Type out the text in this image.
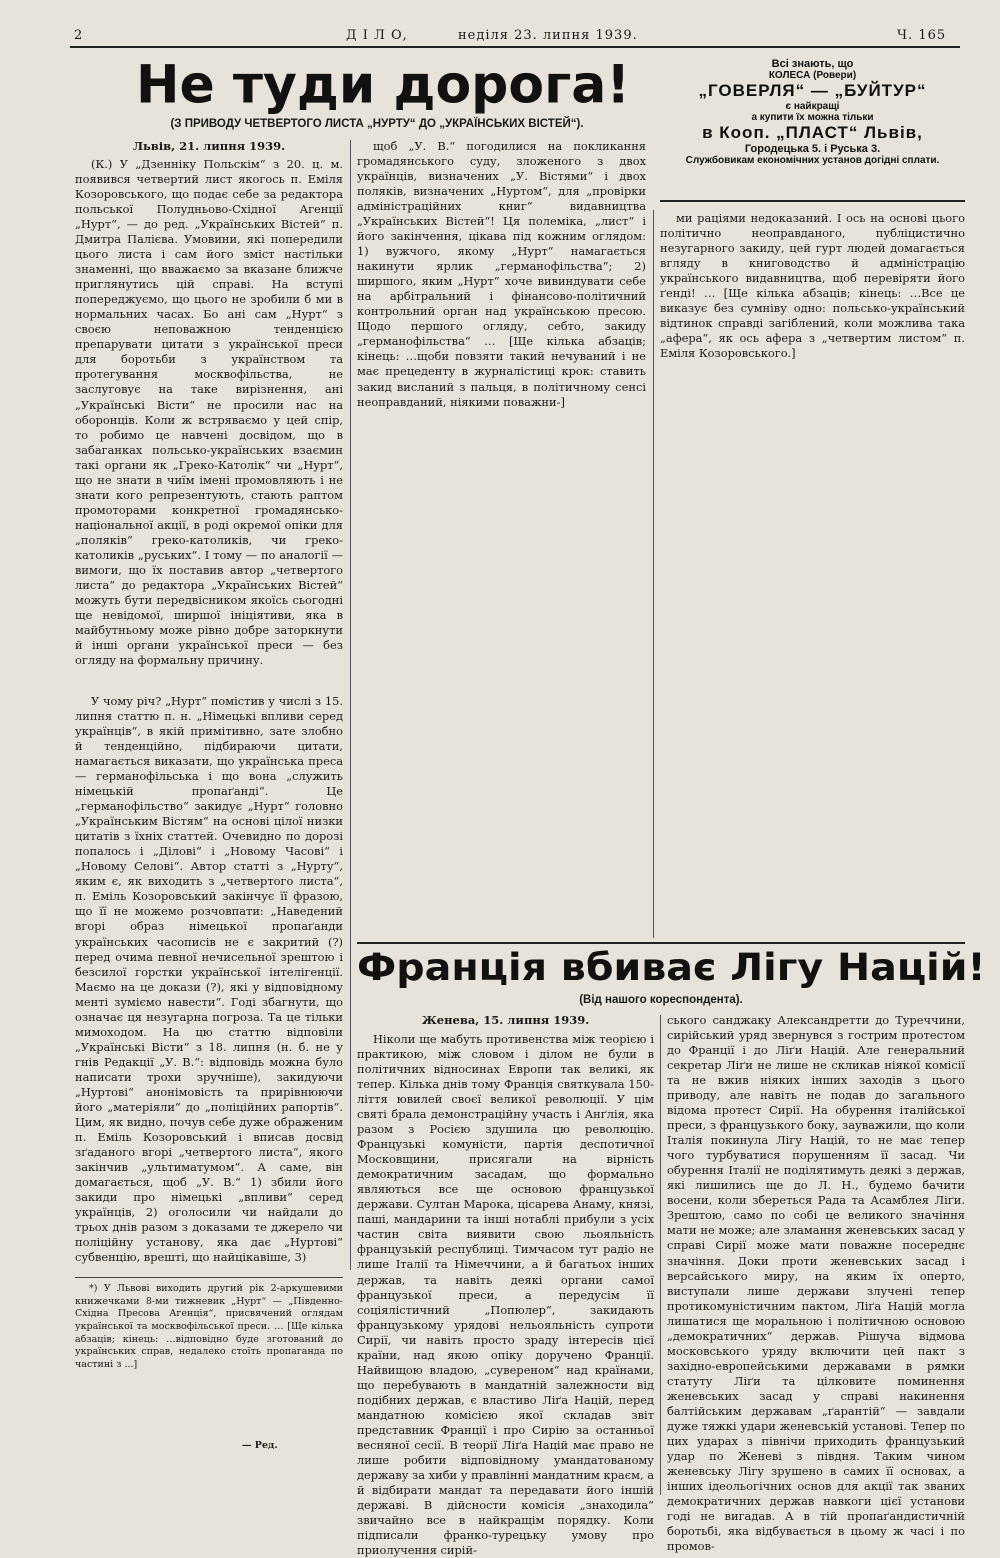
2	Д І Л О,	неділя 23. липня 1939.	Ч. 165
Не туди дорога!
(З ПРИВОДУ ЧЕТВЕРТОГО ЛИСТА „НУРТУ“ ДО „УКРАЇНСЬКИХ ВІСТЕЙ“).
Всі знають, що
КОЛЕСА (Ровери)
„ГОВЕРЛЯ“ — „БУЙТУР“
є найкращі
а купити їх можна тільки
в Кооп. „ПЛАСТ“ Львів,
Городецька 5. і Руська 3.
Службовикам економічних установ догідні сплати.
Львів, 21. липня 1939.

(К.) У „Дзенніку Польскім“ з 20. ц. м. появився четвертий лист якогось п. Еміля Козоровського, що подає себе за редактора польської Полудньово-Східної Агенції „Нурт“, — до ред. „Українських Вістей“ п. Дмитра Палієва. Умовини, які попередили цього листа і сам його зміст настільки знаменні, що вважаємо за вказане ближче приглянутись цій справі. На вступі попереджуємо, що цього не зробили б ми в нормальних часах. Бо ані сам „Нурт“ з своєю неповажною тенденцією препарувати цитати з української преси для боротьби з українством та протегування москвофільства, не заслуговує на таке вирізнення, ані „Українські Вісти“ не просили нас на оборонців. Коли ж встряваємо у цей спір, то робимо це навчені досвідом, що в забаганках польсько-українських взаємин такі органи як „Греко-Католік“ чи „Нурт“, що не знати в чиїм імені промовляють і не знати кого репрезентують, стають раптом промоторами конкретної громадянсько-національної акції, в рoді окремої опіки для „поляків“ греко-католиків, чи греко-католиків „руських“. І тому — по аналогії — вимоги, що їх поставив автор „четвертого листа“ до редактора „Українських Вістей“ можуть бути передвісником якоїсь сьогодні ще невідомої, ширшої ініціятиви, яка в майбутньому може рівно добре заторкнути й інші органи української преси — без огляду на формальну причину.

У чому річ? „Нурт“ помістив у числі з 15. липня статтю п. н. „Німецькі впливи серед українців“, в якій примітивно, зате злобно й тенденційно, підбираючи цитати, намагається виказати, що українська преса — германофільська і що вона „служить німецькій пропаґанді“. Це „германофільство“ закидує „Нурт“ головно „Українським Вістям“ на основі цілої низки цитатів з їхніх статтей. Очевидно по дорозі попалось і „Ділові“ і „Новому Часові“ і „Новому Селові“. Автор статті з „Нурту“, яким є, як виходить з „четвертого листа“, п. Еміль Козоровський закінчує її фразою, що її не можемо розчовпати: „Наведений вгорі образ німецької пропаґанди українських часописів не є закритий (?) перед очима певної нечисельної зрештою і безсилої горстки української інтелігенції. Маємо на це докази (?), які у відповідному менті зуміємо навести“. Годі збагнути, що означає ця незугарна погроза. Та це тільки мимоходом. На цю статтю відповіли „Українські Вісти“ з 18. липня (н. б. не у гнів Редакції „У. В.“: відповідь можна було написати трохи зручніше), закидуючи „Нуртові“ анонімовість та прирівнюючи його „матеріяли“ до „поліційних рапортів“. Цим, як видно, почув себе дуже ображеним п. Еміль Козоровський і вписав досвід зґаданого вгорі „четвертого листа“, якого закінчив „ультиматумом“. А саме, він домагається, щоб „У. В.“ 1) збили його закиди про німецькі „впливи“ серед українців, 2) оголосили чи найдали до трьох днів разом з доказами те джерело чи поліційну установу, яка дає „Нуртові“ субвенцію, врешті, що найцікавіше, 3)

щоб „У. В.“ погодилися на покликання громадянського суду, зложеного з двох українців, визначених „У. Вістями“ і двох поляків, визначених „Нуртом“, для „провірки адміністраційних книг“ видавництва „Українських Вістей“! Ця полеміка, „лист“ і його закінчення, цікава під кожним оглядом: 1) вужчого, якому „Нурт“ намагається накинути ярлик „германофільства“; 2) ширшого, яким „Нурт“ хоче вивиндувати себе на арбітральний і фінансово-політичний контрольний орган над українською пресою. Щодо першого огляду, себто, закиду „германофільства“ … [Ще кілька абзаців; кінець: …щоби повзяти такий нечуваний і не має прецеденту в журналістиці крок: ставить закид висланий з пальця, в політичному сенсі неоправданий, ніякими поважни-]

ми раціями недоказаний. І ось на основі цього політично неоправданого, публіцистично незугарного закиду, цей гурт людей домагається вгляду в книговодство й адміністрацію українського видавництва, щоб перевіряти його ґенді! … [Ще кілька абзаців; кінець: …Все це виказує без сумніву одно: польсько-український відтинок справді загіблений, коли можлива така „афера“, як ось афера з „четвертим листом“ п. Еміля Козоровського.]

*) У Львові виходить другий рік 2-аркушевими книжечками 8-ми тижневик „Нурт“ — „Південно-Східна Пресова Агенція“, присвячений оглядам української та москвофільської преси. … [Ще кілька абзаців; кінець: …відповідно буде зготований до українських справ, недалеко стоїть пропаганда по частині з ...]

— Ред.
Франція вбиває Лігу Націй!
(Від нашого кореспондента).
Женева, 15. липня 1939.

Ніколи ще мабуть противенства між теорією і практикою, між словом і ділом не були в політичних відносинах Европи так великі, як тепер. Кілька днів тому Франція святкувала 150-ліття ювилей своєї великої революції. У цім святі брала демонстраційну участь і Анґлія, яка разом з Росією здушила цю революцію. Французькі комуністи, партія деспотичної Московщини, присягали на вірність демократичним засадам, що формально являються все ще основою французької держави. Султан Марока, цісарева Анаму, князі, паші, мандарини та інші нотаблі прибули з усіх частин світа виявити свою льояльність французькій республиці. Тимчасом тут радіо не лише Італії та Німеччини, а й багатьох інших держав, та навіть деякі органи самої французької преси, а передусім її соціялістичний „Попюлер“, закидають французькому урядові нельояльність супроти Сирії, чи навіть просто зраду інтересів цієї країни, над якою опіку доручено Франції. Найвищою владою, „сувереном“ над країнами, що перебувають в мандатній залежности від подібних держав, є властиво Ліґа Націй, перед мандатною комісією якої складав звіт представник Франції і про Сирію за останньої весняної сесії. В теорії Ліґа Націй має право не лише робити відповідному умандатованому державу за хиби у правлінні мандатним краєм, а й відбирати мандат та передавати його іншій державі. В дійсности комісія „знаходила“ звичайно все в найкращім порядку. Коли підписали франко-турецьку умову про приолучення сирій-

ського санджаку Александретти до Туреччини, сирійський уряд звернувся з гострим протестом до Франції і до Ліґи Націй. Але генеральний секретар Ліґи не лише не скликав ніякої комісії та не вжив ніяких інших заходів з цього приводу, але навіть не подав до загального відома протест Сирії. На обурення італійської преси, з французького боку, зауважили, що коли Італія покинула Лігу Націй, то не має тепер чого турбуватися порушенням її засад. Чи обурення Італії не поділятимуть деякі з держав, які лишились ще до Л. Н., будемо бачити восени, коли збереться Рада та Асамблея Ліґи. Зрештою, само по собі це великого значіння мати не може; але зламання женевських засад у справі Сирії може мати поважне посереднє значіння. Доки проти женевських засад і версайського миру, на яким їх оперто, виступали лише держави злучені тепер протикомуністичним пактом, Ліґа Націй могла лишатися ще моральною і політичною основою „демократичних“ держав. Рішуча відмова московського уряду включити цей пакт з західно-европейськими державами в рямки статуту Ліґи та цілковите поминення женевських засад у справі накинення балтійським державам „ґарантій“ — завдали дуже тяжкі удари женевській установі. Тепер по цих ударах з північи приходить французький удар по Женеві з півдня. Таким чином женевську Лігу зрушено в самих її основах, а інших ідеольогічних основ для акції так званих демократичних держав навкоги цієї установи годі не вигадав. А в тій пропаґандистичній боротьбі, яка відбувається в цьому ж часі і по промов-
